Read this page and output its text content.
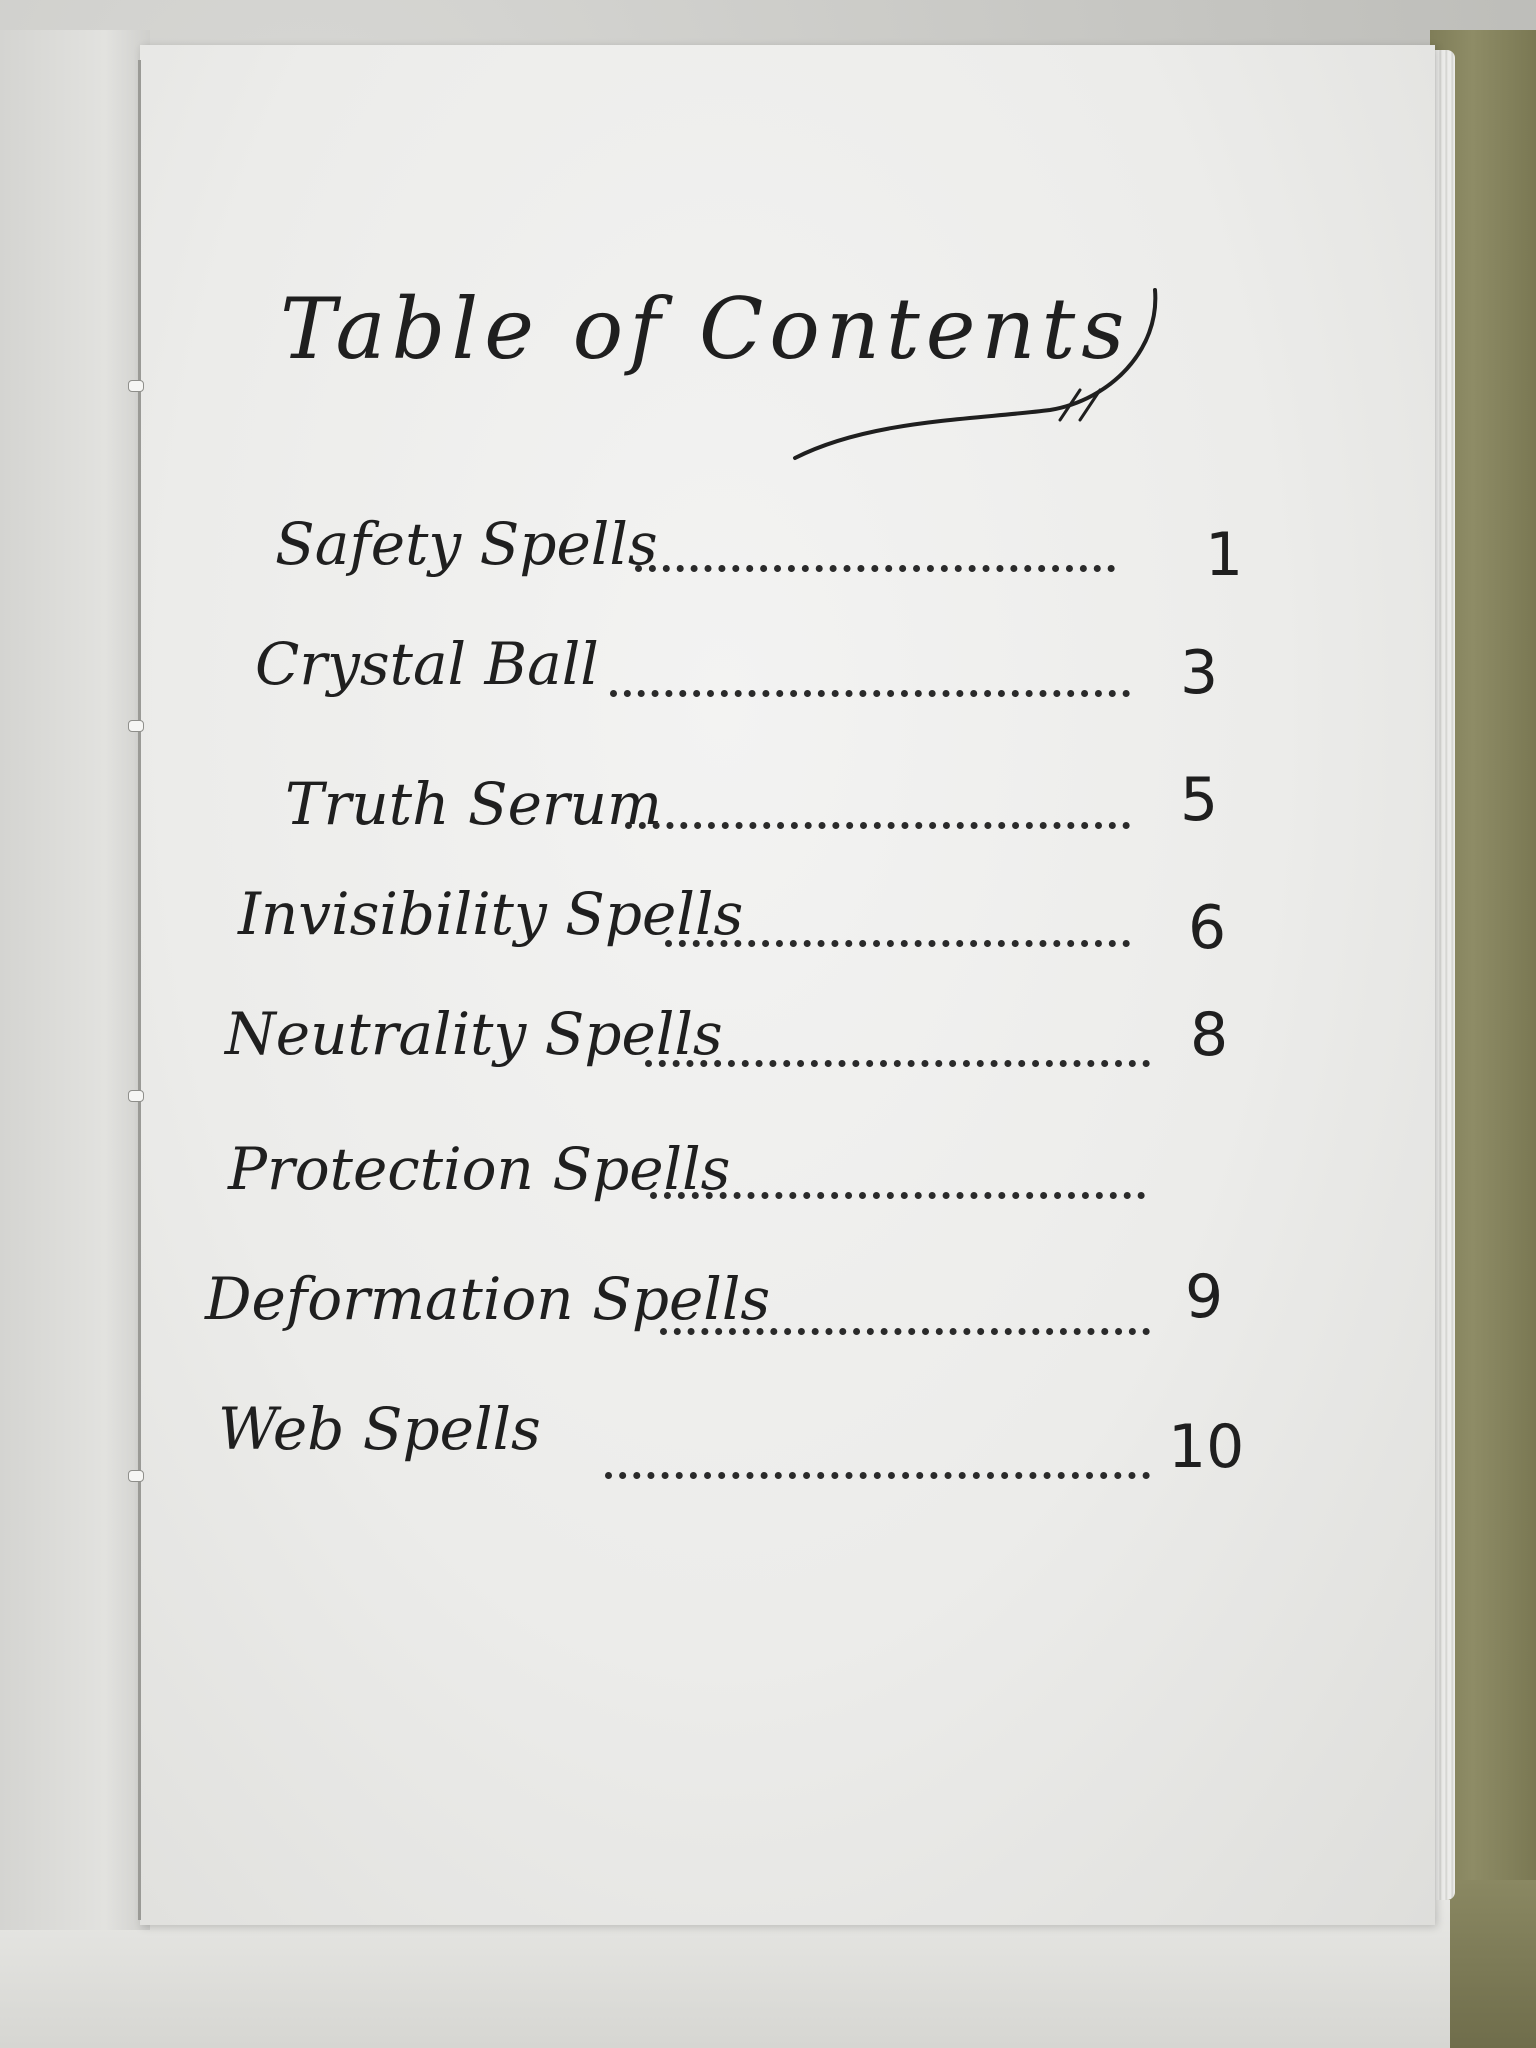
Table of Contents
Safety Spells	1
Crystal Ball	3
Truth Serum	5
Invisibility Spells	6
Neutrality Spells	8
Protection Spells
Deformation Spells	9
Web Spells	10
